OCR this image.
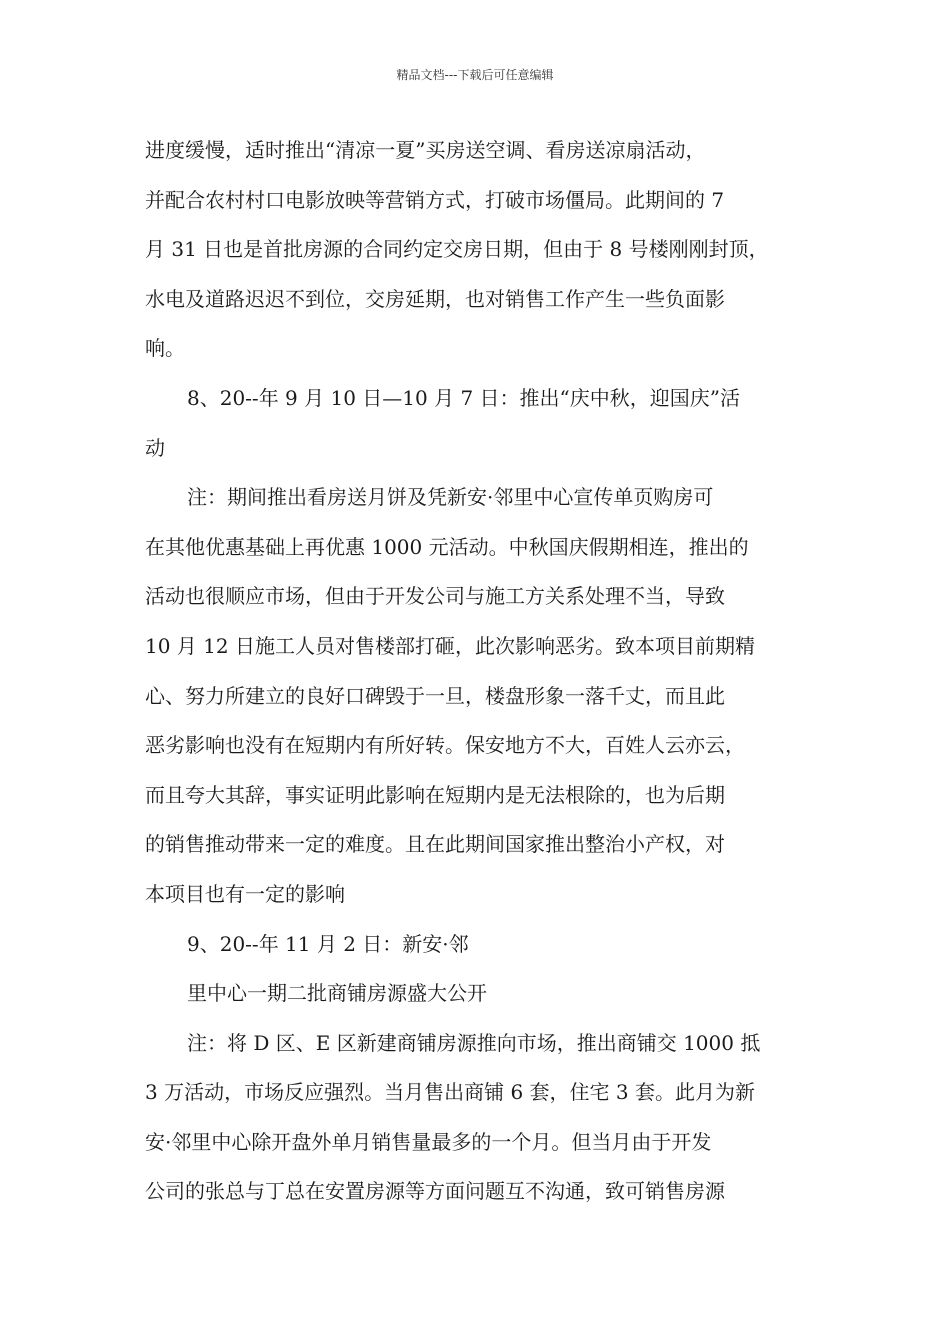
精品文档---下载后可任意编辑
进度缓慢，适时推出“清凉一夏”买房送空调、看房送凉扇活动，
并配合农村村口电影放映等营销方式，打破市场僵局。此期间的 7
月 31 日也是首批房源的合同约定交房日期，但由于 8 号楼刚刚封顶，
水电及道路迟迟不到位，交房延期，也对销售工作产生一些负面影
响。
8、20--年 9 月 10 日—10 月 7 日：推出“庆中秋，迎国庆”活
动
注：期间推出看房送月饼及凭新安·邻里中心宣传单页购房可
在其他优惠基础上再优惠 1000 元活动。中秋国庆假期相连，推出的
活动也很顺应市场，但由于开发公司与施工方关系处理不当，导致
10 月 12 日施工人员对售楼部打砸，此次影响恶劣。致本项目前期精
心、努力所建立的良好口碑毁于一旦，楼盘形象一落千丈，而且此
恶劣影响也没有在短期内有所好转。保安地方不大，百姓人云亦云，
而且夸大其辞，事实证明此影响在短期内是无法根除的，也为后期
的销售推动带来一定的难度。且在此期间国家推出整治小产权，对
本项目也有一定的影响
9、20--年 11 月 2 日：新安·邻
里中心一期二批商铺房源盛大公开
注：将 D 区、E 区新建商铺房源推向市场，推出商铺交 1000 抵
3 万活动，市场反应强烈。当月售出商铺 6 套，住宅 3 套。此月为新
安·邻里中心除开盘外单月销售量最多的一个月。但当月由于开发
公司的张总与丁总在安置房源等方面问题互不沟通，致可销售房源
